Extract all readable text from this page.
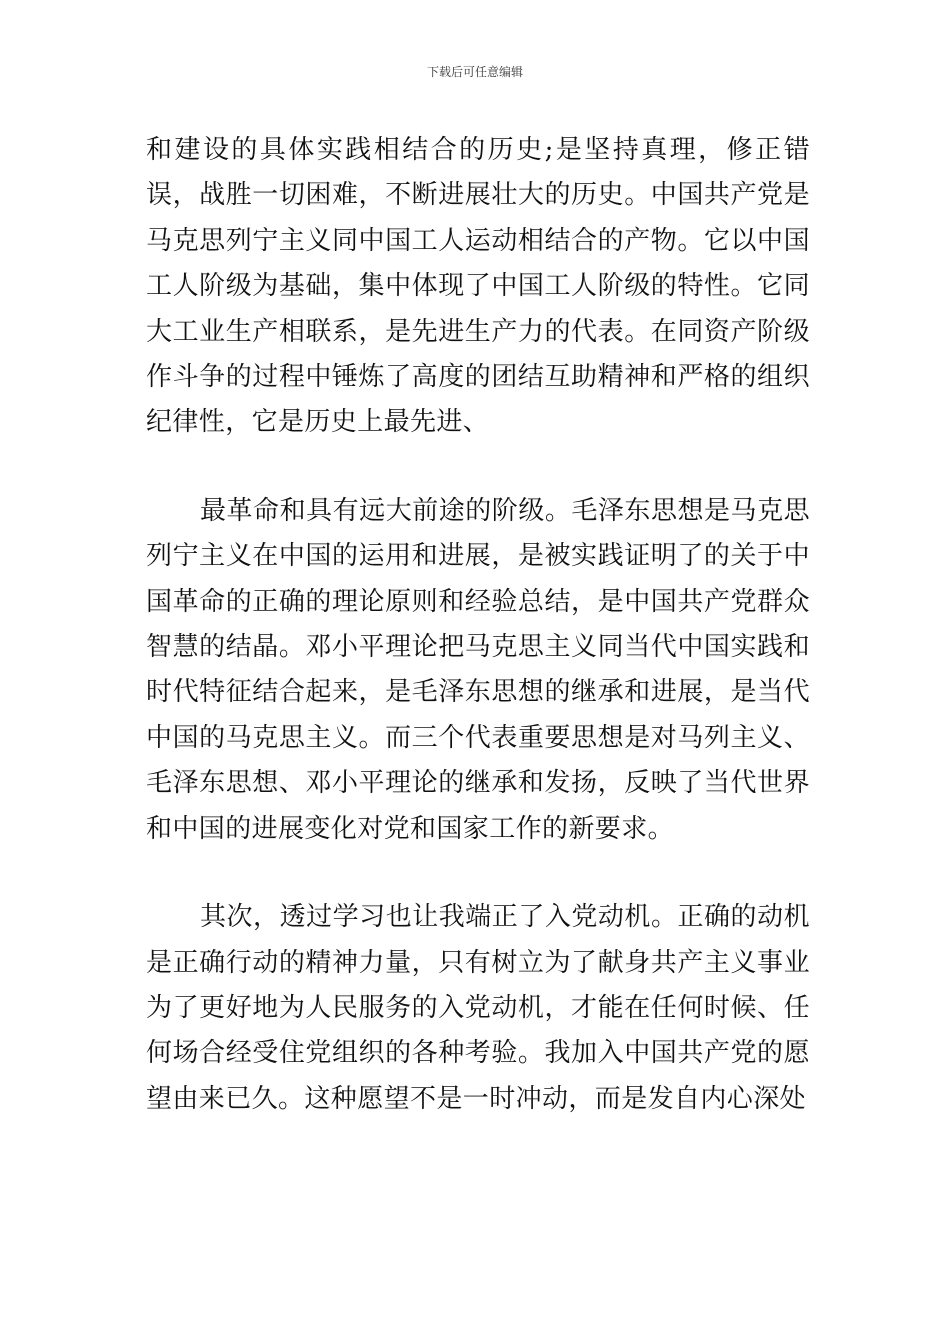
下载后可任意编辑

和建设的具体实践相结合的历史;是坚持真理，修正错误，战胜一切困难，不断进展壮大的历史。中国共产党是马克思列宁主义同中国工人运动相结合的产物。它以中国工人阶级为基础，集中体现了中国工人阶级的特性。它同大工业生产相联系，是先进生产力的代表。在同资产阶级作斗争的过程中锤炼了高度的团结互助精神和严格的组织纪律性，它是历史上最先进、

最革命和具有远大前途的阶级。毛泽东思想是马克思列宁主义在中国的运用和进展，是被实践证明了的关于中国革命的正确的理论原则和经验总结，是中国共产党群众智慧的结晶。邓小平理论把马克思主义同当代中国实践和时代特征结合起来，是毛泽东思想的继承和进展，是当代中国的马克思主义。而三个代表重要思想是对马列主义、毛泽东思想、邓小平理论的继承和发扬，反映了当代世界和中国的进展变化对党和国家工作的新要求。

其次，透过学习也让我端正了入党动机。正确的动机是正确行动的精神力量，只有树立为了献身共产主义事业为了更好地为人民服务的入党动机，才能在任何时候、任何场合经受住党组织的各种考验。我加入中国共产党的愿望由来已久。这种愿望不是一时冲动，而是发自内心深处
